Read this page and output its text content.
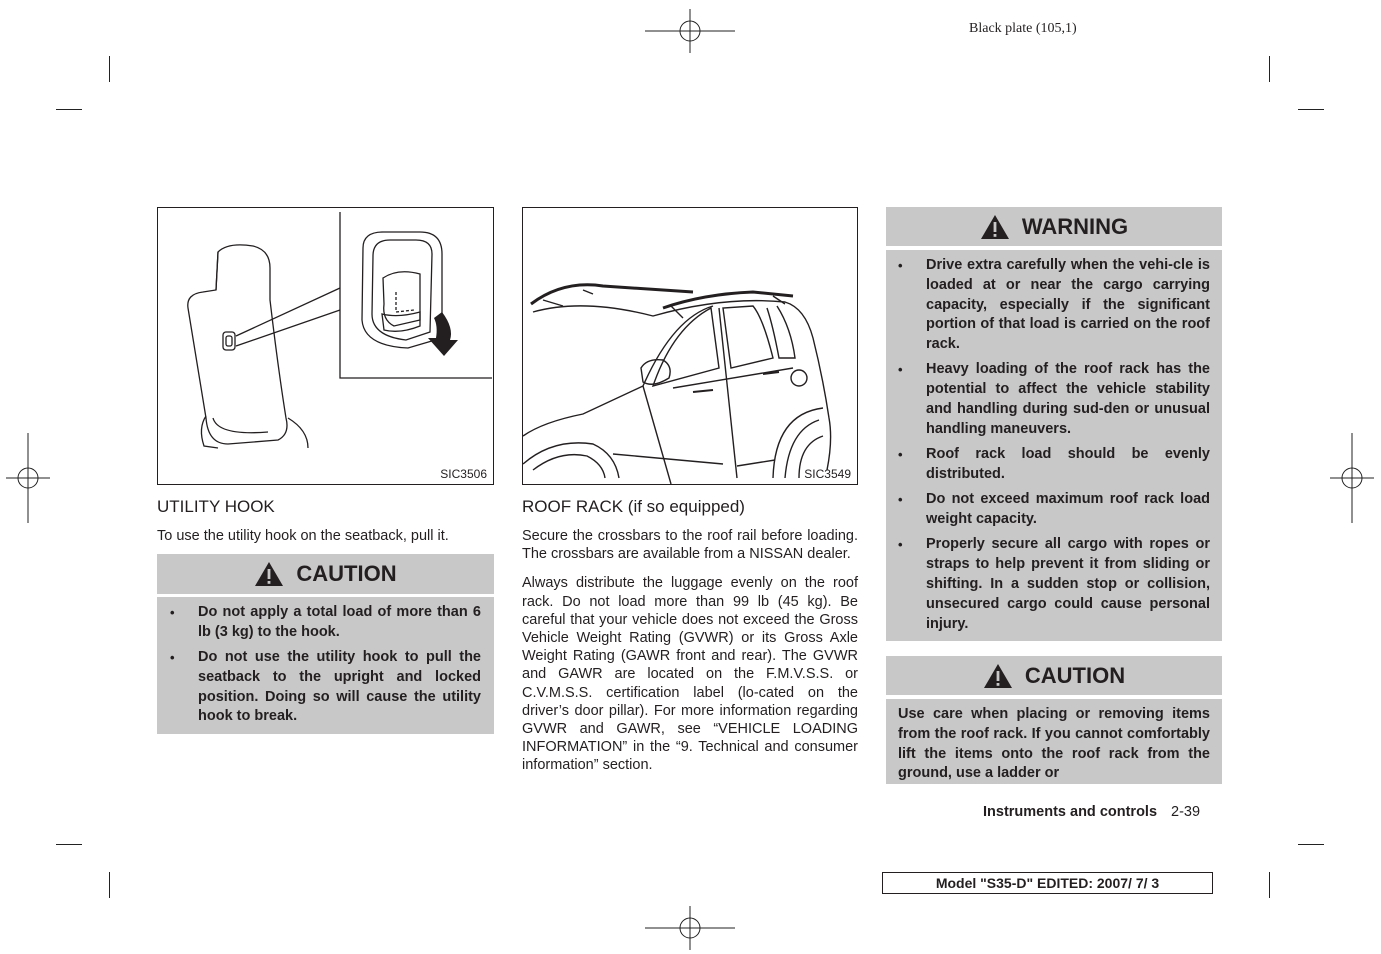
Black plate (105,1)
SIC3506	SIC3549
UTILITY HOOK
To use the utility hook on the seatback, pull it.
CAUTION
• Do not apply a total load of more than 6 lb (3 kg) to the hook.
• Do not use the utility hook to pull the seatback to the upright and locked position. Doing so will cause the utility hook to break.
ROOF RACK (if so equipped)

Secure the crossbars to the roof rail before loading. The crossbars are available from a NISSAN dealer.

Always distribute the luggage evenly on the roof rack. Do not load more than 99 lb (45 kg). Be careful that your vehicle does not exceed the Gross Vehicle Weight Rating (GVWR) or its Gross Axle Weight Rating (GAWR front and rear). The GVWR and GAWR are located on the F.M.V.S.S. or C.V.M.S.S. certification label (lo-cated on the driver’s door pillar). For more information regarding GVWR and GAWR, see “VEHICLE LOADING INFORMATION” in the “9. Technical and consumer information” section.

WARNING
• Drive extra carefully when the vehi-cle is loaded at or near the cargo carrying capacity, especially if the significant portion of that load is carried on the roof rack.
• Heavy loading of the roof rack has the potential to affect the vehicle stability and handling during sud-den or unusual handling maneuvers.
• Roof rack load should be evenly distributed.
• Do not exceed maximum roof rack load weight capacity.
• Properly secure all cargo with ropes or straps to help prevent it from sliding or shifting. In a sudden stop or collision, unsecured cargo could cause personal injury.
CAUTION
Use care when placing or removing items from the roof rack. If you cannot comfortably lift the items onto the roof rack from the ground, use a ladder or
Instruments and controls 2-39
Model "S35-D" EDITED: 2007/ 7/ 3
